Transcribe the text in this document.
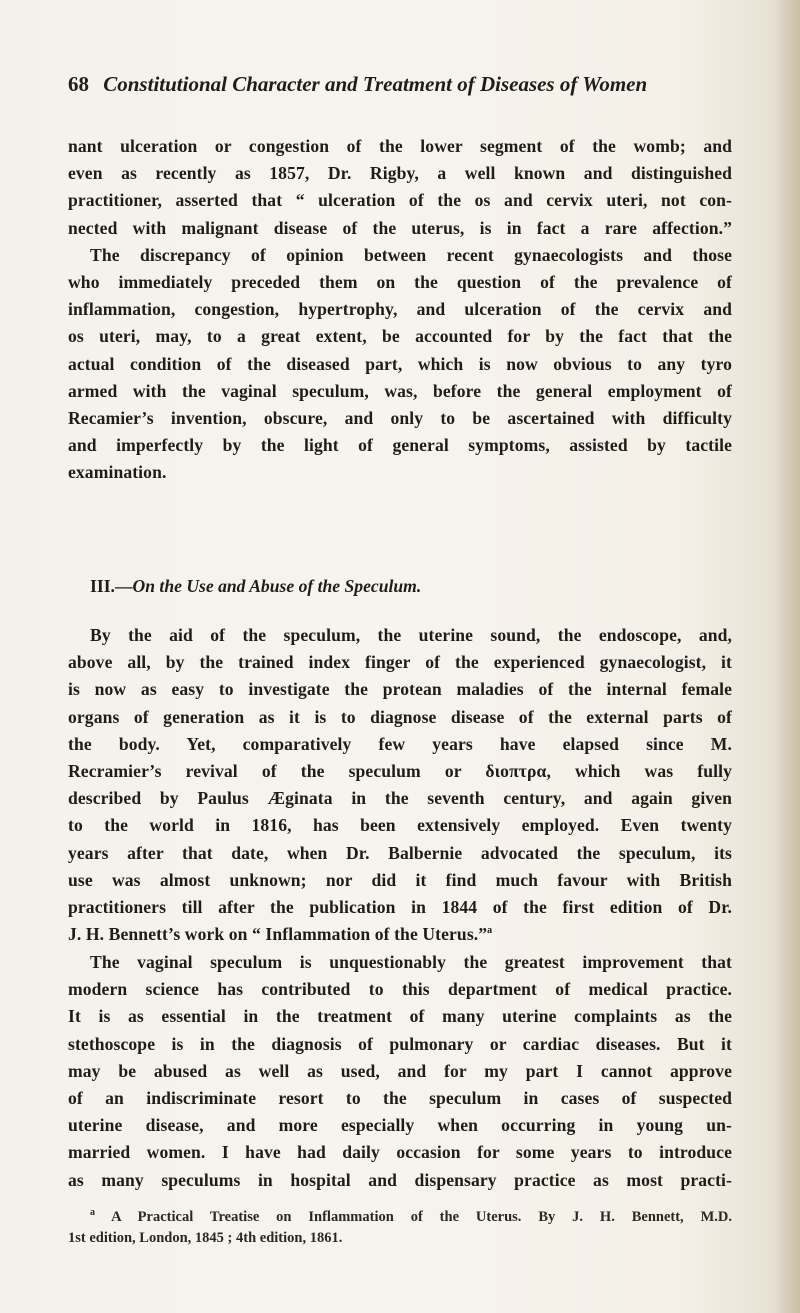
68 Constitutional Character and Treatment of Diseases of Women
nant ulceration or congestion of the lower segment of the womb; and
even as recently as 1857, Dr. Rigby, a well known and distinguished
practitioner, asserted that “ ulceration of the os and cervix uteri, not con-
nected with malignant disease of the uterus, is in fact a rare affection.”
The discrepancy of opinion between recent gynaecologists and those
who immediately preceded them on the question of the prevalence of
inflammation, congestion, hypertrophy, and ulceration of the cervix and
os uteri, may, to a great extent, be accounted for by the fact that the
actual condition of the diseased part, which is now obvious to any tyro
armed with the vaginal speculum, was, before the general employment of
Recamier’s invention, obscure, and only to be ascertained with difficulty
and imperfectly by the light of general symptoms, assisted by tactile
examination.
III.—On the Use and Abuse of the Speculum.
By the aid of the speculum, the uterine sound, the endoscope, and,
above all, by the trained index finger of the experienced gynaecologist, it
is now as easy to investigate the protean maladies of the internal female
organs of generation as it is to diagnose disease of the external parts of
the body. Yet, comparatively few years have elapsed since M.
Recramier’s revival of the speculum or διοπτρα, which was fully
described by Paulus Æginata in the seventh century, and again given
to the world in 1816, has been extensively employed. Even twenty
years after that date, when Dr. Balbernie advocated the speculum, its
use was almost unknown; nor did it find much favour with British
practitioners till after the publication in 1844 of the first edition of Dr.
J. H. Bennett’s work on “ Inflammation of the Uterus.”$^a$
The vaginal speculum is unquestionably the greatest improvement that
modern science has contributed to this department of medical practice.
It is as essential in the treatment of many uterine complaints as the
stethoscope is in the diagnosis of pulmonary or cardiac diseases. But it
may be abused as well as used, and for my part I cannot approve
of an indiscriminate resort to the speculum in cases of suspected
uterine disease, and more especially when occurring in young un-
married women. I have had daily occasion for some years to introduce
as many speculums in hospital and dispensary practice as most practi-
$^a$ A Practical Treatise on Inflammation of the Uterus. By J. H. Bennett, M.D.
1st edition, London, 1845 ; 4th edition, 1861.
